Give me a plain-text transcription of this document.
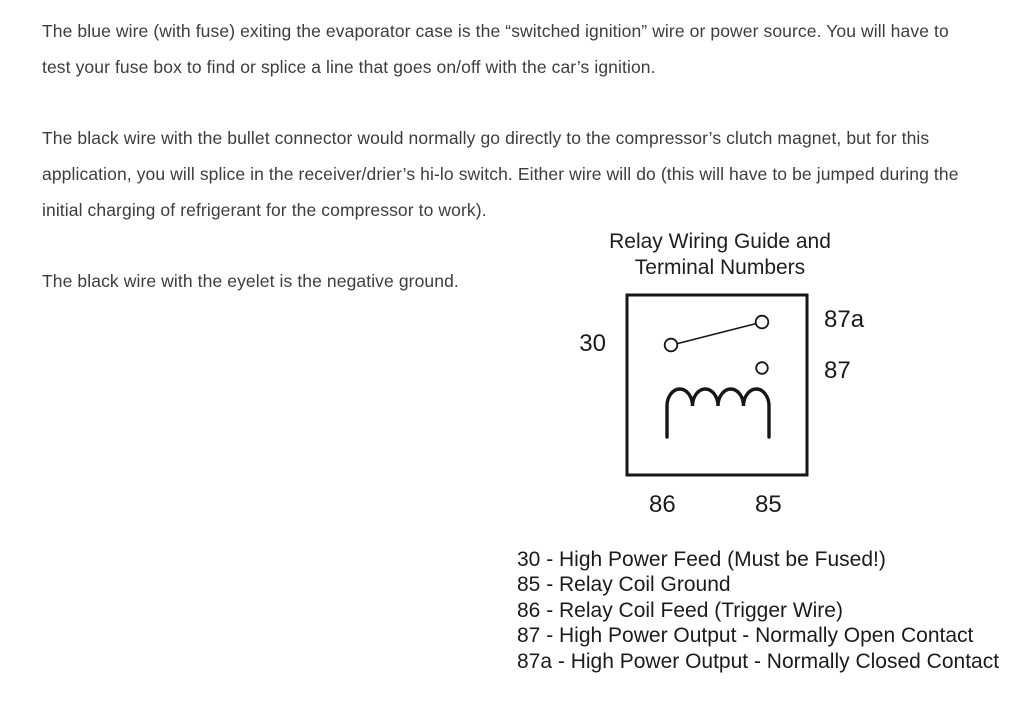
The blue wire (with fuse) exiting the evaporator case is the “switched ignition” wire or power source. You will have to
test your fuse box to find or splice a line that goes on/off with the car’s ignition.

The black wire with the bullet connector would normally go directly to the compressor’s clutch magnet, but for this
application, you will splice in the receiver/drier’s hi-lo switch. Either wire will do (this will have to be jumped during the
initial charging of refrigerant for the compressor to work).

The black wire with the eyelet is the negative ground.

Relay Wiring Guide and
Terminal Numbers
30
87a
87
86	85
30 - High Power Feed (Must be Fused!)
85 - Relay Coil Ground
86 - Relay Coil Feed (Trigger Wire)
87 - High Power Output - Normally Open Contact
87a - High Power Output - Normally Closed Contact
